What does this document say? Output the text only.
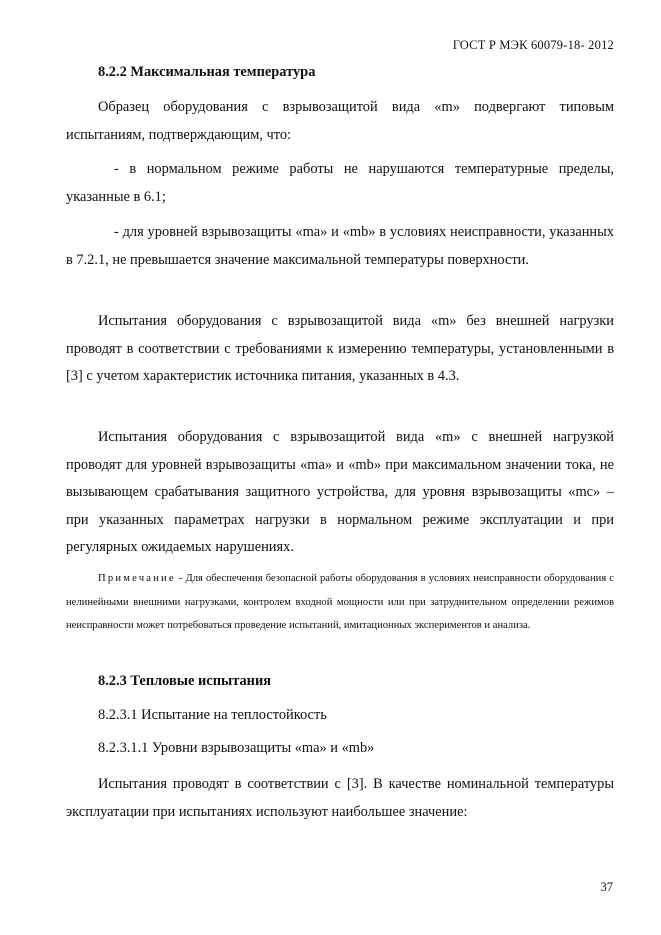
ГОСТ Р МЭК 60079-18- 2012
8.2.2 Максимальная температура
Образец оборудования с взрывозащитой вида «m» подвергают типовым испытаниям, подтверждающим, что:
- в нормальном режиме работы не нарушаются температурные пределы, указанные в 6.1;
- для уровней взрывозащиты «ma» и «mb» в условиях неисправности, указанных в 7.2.1, не превышается значение максимальной температуры поверхности.
Испытания оборудования с взрывозащитой вида «m» без внешней нагрузки проводят в соответствии с требованиями к измерению температуры, установленными в [3] с учетом характеристик источника питания, указанных в 4.3.
Испытания оборудования с взрывозащитой вида «m» с внешней нагрузкой проводят для уровней взрывозащиты «ma» и «mb» при максимальном значении тока, не вызывающем срабатывания защитного устройства, для уровня взрывозащиты «mc» – при указанных параметрах нагрузки в нормальном режиме эксплуатации и при регулярных ожидаемых нарушениях.
Примечание - Для обеспечения безопасной работы оборудования в условиях неисправности оборудования с нелинейными внешними нагрузками, контролем входной мощности или при затруднительном определении режимов неисправности может потребоваться проведение испытаний, имитационных экспериментов и анализа.
8.2.3 Тепловые испытания
8.2.3.1 Испытание на теплостойкость
8.2.3.1.1 Уровни взрывозащиты «ma» и «mb»
Испытания проводят в соответствии с [3]. В качестве номинальной температуры эксплуатации при испытаниях используют наибольшее значение:
37
